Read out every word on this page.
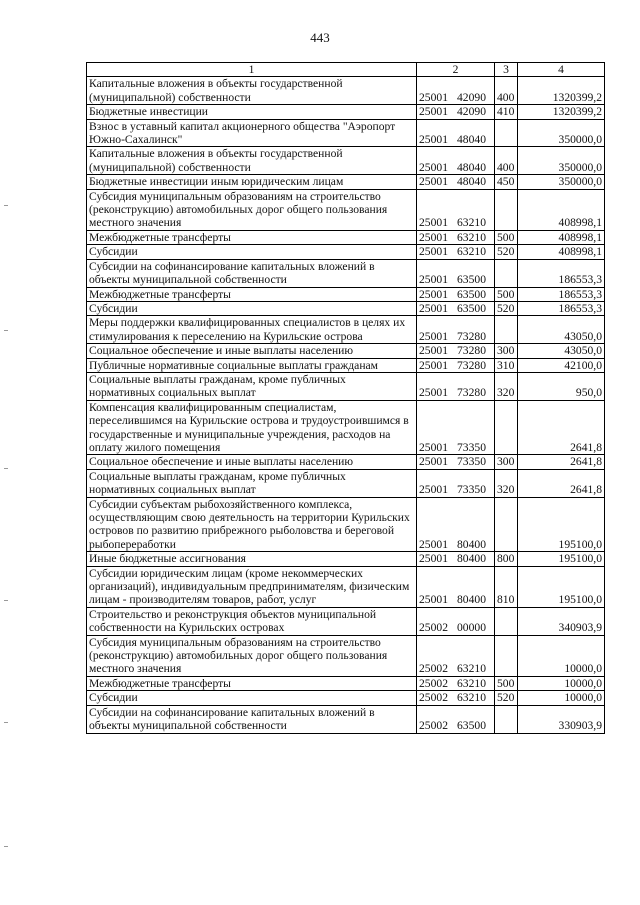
443
1	2	3	4
Капитальные вложения в объекты государственной (муниципальной) собственности	25001 42090	400	1320399,2
Бюджетные инвестиции	25001 42090	410	1320399,2
Взнос в уставный капитал акционерного общества "Аэропорт Южно-Сахалинск"	25001 48040		350000,0
Капитальные вложения в объекты государственной (муниципальной) собственности	25001 48040	400	350000,0
Бюджетные инвестиции иным юридическим лицам	25001 48040	450	350000,0
Субсидия муниципальным образованиям на строительство (реконструкцию) автомобильных дорог общего пользования местного значения	25001 63210		408998,1
Межбюджетные трансферты	25001 63210	500	408998,1
Субсидии	25001 63210	520	408998,1
Субсидии на софинансирование капитальных вложений в объекты муниципальной собственности	25001 63500		186553,3
Межбюджетные трансферты	25001 63500	500	186553,3
Субсидии	25001 63500	520	186553,3
Меры поддержки квалифицированных специалистов в целях их стимулирования к переселению на Курильские острова	25001 73280		43050,0
Социальное обеспечение и иные выплаты населению	25001 73280	300	43050,0
Публичные нормативные социальные выплаты гражданам	25001 73280	310	42100,0
Социальные выплаты гражданам, кроме публичных нормативных социальных выплат	25001 73280	320	950,0
Компенсация квалифицированным специалистам, переселившимся на Курильские острова и трудоустроившимся в государственные и муниципальные учреждения, расходов на оплату жилого помещения	25001 73350		2641,8
Социальное обеспечение и иные выплаты населению	25001 73350	300	2641,8
Социальные выплаты гражданам, кроме публичных нормативных социальных выплат	25001 73350	320	2641,8
Субсидии субъектам рыбохозяйственного комплекса, осуществляющим свою деятельность на территории Курильских островов по развитию прибрежного рыболовства и береговой рыбопереработки	25001 80400		195100,0
Иные бюджетные ассигнования	25001 80400	800	195100,0
Субсидии юридическим лицам (кроме некоммерческих организаций), индивидуальным предпринимателям, физическим лицам - производителям товаров, работ, услуг	25001 80400	810	195100,0
Строительство и реконструкция объектов муниципальной собственности на Курильских островах	25002 00000		340903,9
Субсидия муниципальным образованиям на строительство (реконструкцию) автомобильных дорог общего пользования местного значения	25002 63210		10000,0
Межбюджетные трансферты	25002 63210	500	10000,0
Субсидии	25002 63210	520	10000,0
Субсидии на софинансирование капитальных вложений в объекты муниципальной собственности	25002 63500		330903,9
